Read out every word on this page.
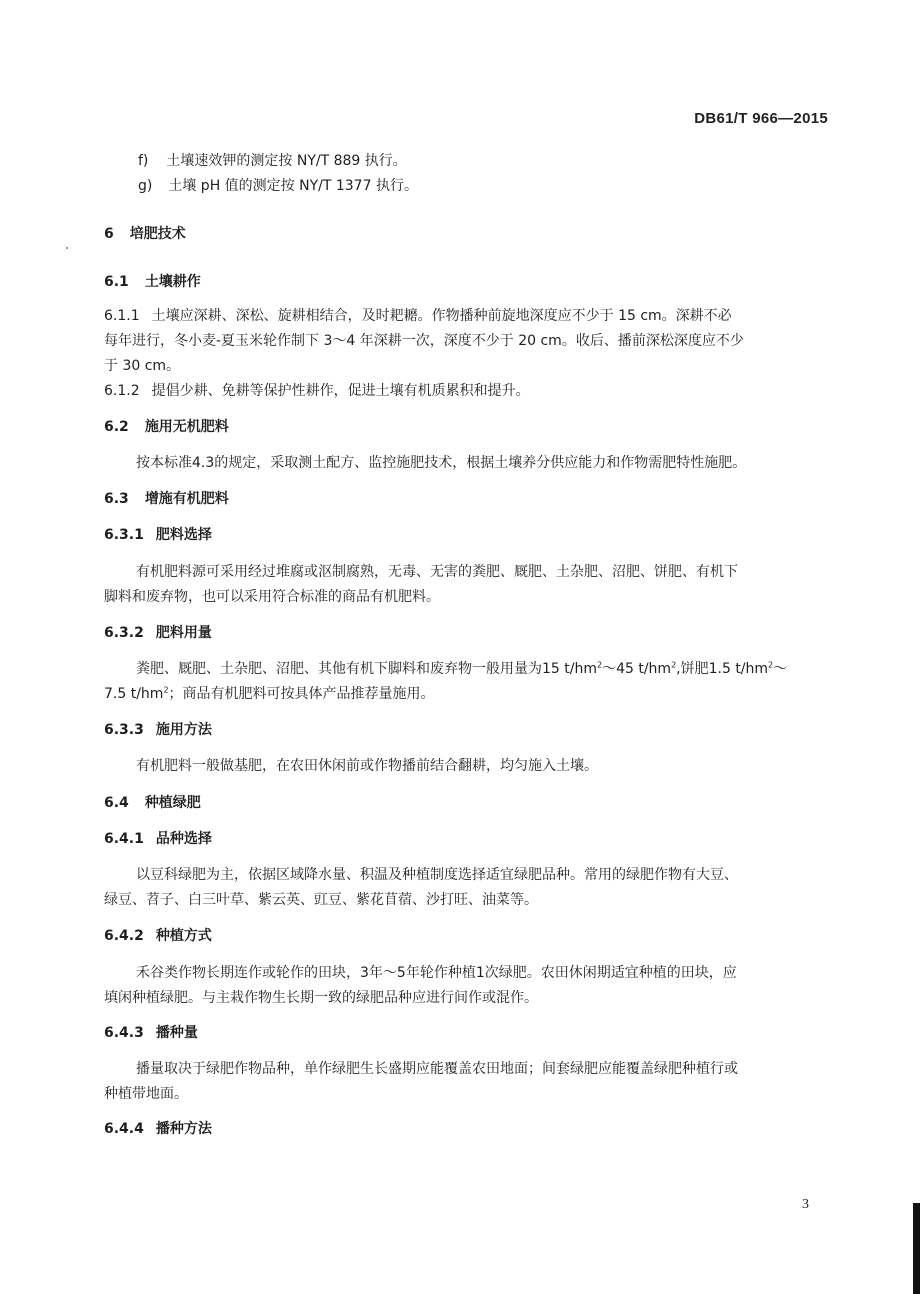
DB61/T 966—2015
f) 土壤速效钾的测定按 NY/T 889 执行。
g) 土壤 pH 值的测定按 NY/T 1377 执行。
6 培肥技术
6.1 土壤耕作
6.1.1 土壤应深耕、深松、旋耕相结合，及时耙耱。作物播种前旋地深度应不少于 15 cm。深耕不必
每年进行，冬小麦-夏玉米轮作制下 3～4 年深耕一次，深度不少于 20 cm。收后、播前深松深度应不少
于 30 cm。
6.1.2 提倡少耕、免耕等保护性耕作，促进土壤有机质累积和提升。
6.2 施用无机肥料
按本标准4.3的规定，采取测土配方、监控施肥技术，根据土壤养分供应能力和作物需肥特性施肥。
6.3 增施有机肥料
6.3.1 肥料选择
有机肥料源可采用经过堆腐或沤制腐熟，无毒、无害的粪肥、厩肥、土杂肥、沼肥、饼肥、有机下
脚料和废弃物，也可以采用符合标准的商品有机肥料。
6.3.2 肥料用量
粪肥、厩肥、土杂肥、沼肥、其他有机下脚料和废弃物一般用量为15 $t/hm^2\sim 45$ $t/hm^2$,饼肥1.5 $t/hm^2\sim$
7.5 $t/hm^2$；商品有机肥料可按具体产品推荐量施用。
6.3.3 施用方法
有机肥料一般做基肥，在农田休闲前或作物播前结合翻耕，均匀施入土壤。
6.4 种植绿肥
6.4.1 品种选择
以豆科绿肥为主，依据区域降水量、积温及种植制度选择适宜绿肥品种。常用的绿肥作物有大豆、
绿豆、苕子、白三叶草、紫云英、豇豆、紫花苜蓿、沙打旺、油菜等。
6.4.2 种植方式
禾谷类作物长期连作或轮作的田块，3年～5年轮作种植1次绿肥。农田休闲期适宜种植的田块，应
填闲种植绿肥。与主栽作物生长期一致的绿肥品种应进行间作或混作。
6.4.3 播种量
播量取决于绿肥作物品种，单作绿肥生长盛期应能覆盖农田地面；间套绿肥应能覆盖绿肥种植行或
种植带地面。
6.4.4 播种方法
3
